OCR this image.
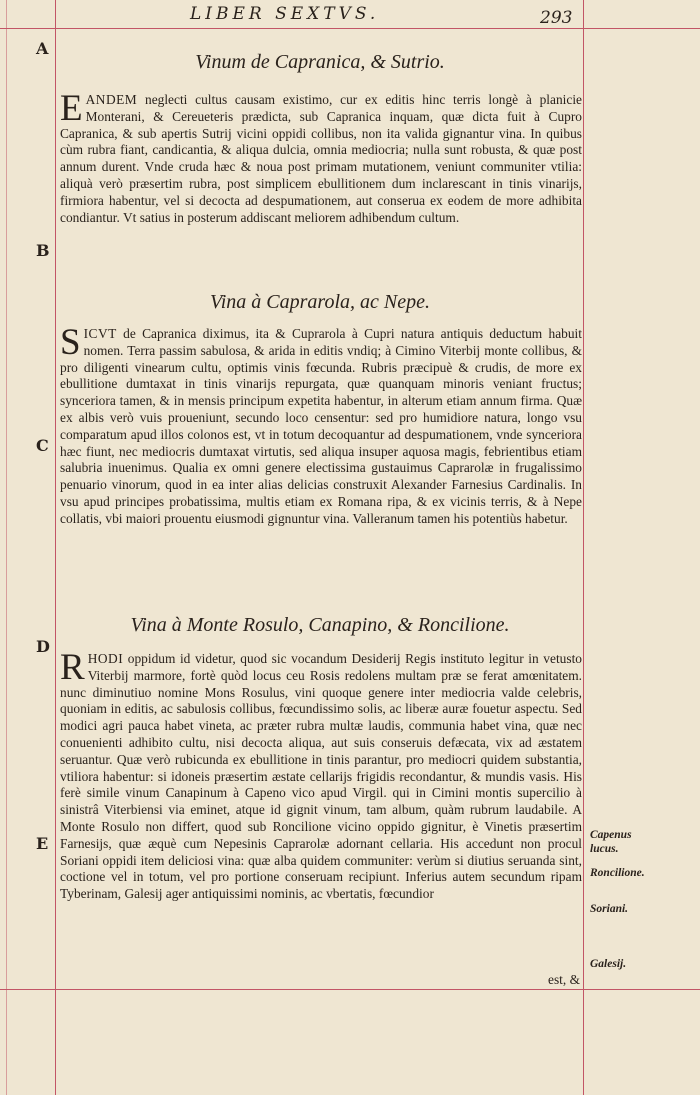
LIBER SEXTVS.	293
A
B
C
D
E
Vinum de Capranica, & Sutrio.
EANDEM neglecti cultus causam existimo, cur ex editis hinc terris longè à planicie Monterani, & Cereueteris prædicta, sub Capranica inquam, quæ dicta fuit à Cupro Capranica, & sub apertis Sutrij vicini oppidi collibus, non ita valida gignantur vina. In quibus cùm rubra fiant, candicantia, & aliqua dulcia, omnia mediocria; nulla sunt robusta, & quæ post annum durent. Vnde cruda hæc & noua post primam mutationem, veniunt communiter vtilia: aliquà verò præsertim rubra, post simplicem ebullitionem dum inclarescant in tinis vinarijs, firmiora habentur, vel si decocta ad despumationem, aut conserua ex eodem de more adhibita condiantur. Vt satius in posterum addiscant meliorem adhibendum cultum.
Vina à Caprarola, ac Nepe.
SICVT de Capranica diximus, ita & Cuprarola à Cupri natura antiquis deductum habuit nomen. Terra passim sabulosa, & arida in editis vndiq; à Cimino Viterbij monte collibus, & pro diligenti vinearum cultu, optimis vinis fœcunda. Rubris præcipuè & crudis, de more ex ebullitione dumtaxat in tinis vinarijs repurgata, quæ quanquam minoris veniant fructus; synceriora tamen, & in mensis principum expetita habentur, in alterum etiam annum firma. Quæ ex albis verò vuis proueniunt, secundo loco censentur: sed pro humidiore natura, longo vsu comparatum apud illos colonos est, vt in totum decoquantur ad despumationem, vnde synceriora hæc fiunt, nec mediocris dumtaxat virtutis, sed aliqua insuper aquosa magis, febrientibus etiam salubria inuenimus. Qualia ex omni genere electissima gustauimus Caprarolæ in frugalissimo penuario vinorum, quod in ea inter alias delicias construxit Alexander Farnesius Cardinalis. In vsu apud principes probatissima, multis etiam ex Romana ripa, & ex vicinis terris, & à Nepe collatis, vbi maiori prouentu eiusmodi gignuntur vina. Valleranum tamen his potentiùs habetur.
Vina à Monte Rosulo, Canapino, & Roncilione.
RHODI oppidum id videtur, quod sic vocandum Desiderij Regis instituto legitur in vetusto Viterbij marmore, fortè quòd locus ceu Rosis redolens multam præ se ferat amœnitatem. nunc diminutiuo nomine Mons Rosulus, vini quoque genere inter mediocria valde celebris, quoniam in editis, ac sabulosis collibus, fœcundissimo solis, ac liberæ auræ fouetur aspectu. Sed modici agri pauca habet vineta, ac præter rubra multæ laudis, communia habet vina, quæ nec conuenienti adhibito cultu, nisi decocta aliqua, aut suis conseruis defæcata, vix ad æstatem seruantur. Quæ verò rubicunda ex ebullitione in tinis parantur, pro mediocri quidem substantia, vtiliora habentur: si idoneis præsertim æstate cellarijs frigidis recondantur, & mundis vasis. His ferè simile vinum Canapinum à Capeno vico apud Virgil. qui in Cimini montis supercilio à sinistrâ Viterbiensi via eminet, atque id gignit vinum, tam album, quàm rubrum laudabile. A Monte Rosulo non differt, quod sub Roncilione vicino oppido gignitur, è Vinetis præsertim Farnesijs, quæ æquè cum Nepesinis Caprarolæ adornant cellaria. His accedunt non procul Soriani oppidi item deliciosi vina: quæ alba quidem communiter: verùm si diutius seruanda sint, coctione vel in totum, vel pro portione conseruam recipiunt. Inferius autem secundum ripam Tyberinam, Galesij ager antiquissimi nominis, ac vbertatis, fœcundior
est, &
Capenus lucus.
Roncilione.
Soriani.
Galesij.
